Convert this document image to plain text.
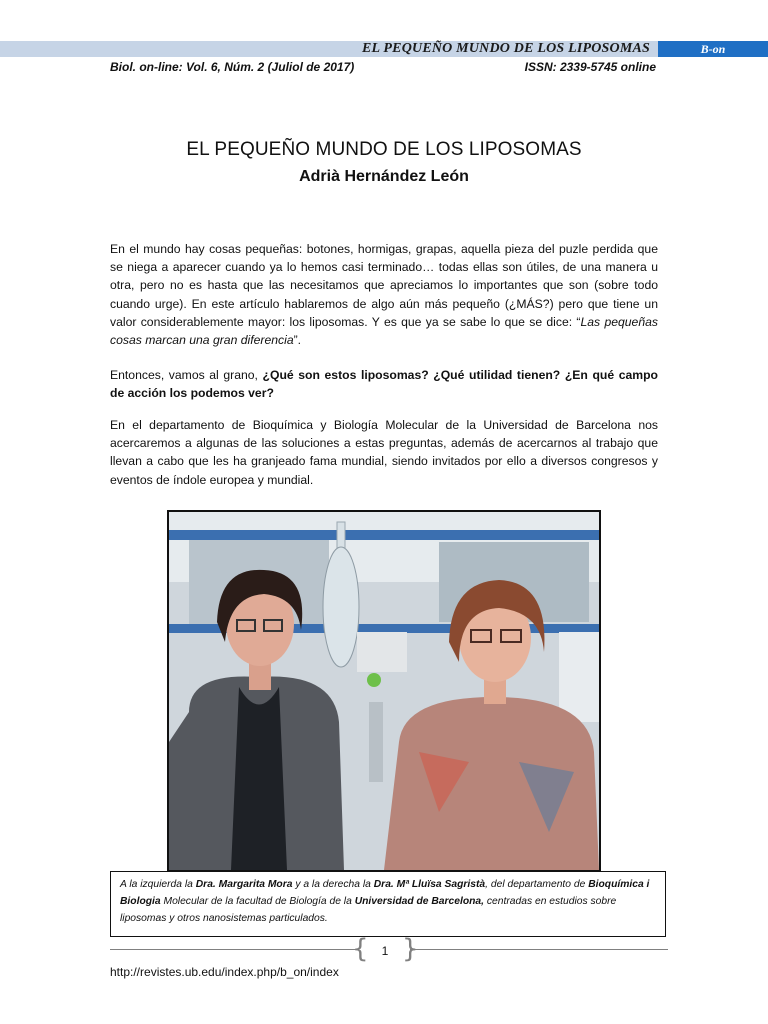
EL PEQUEÑO MUNDO DE LOS LIPOSOMAS	B-on
Biol. on-line: Vol. 6, Núm. 2 (Juliol de 2017)	ISSN: 2339-5745 online
EL PEQUEÑO MUNDO DE LOS LIPOSOMAS
Adrià Hernández León

En el mundo hay cosas pequeñas: botones, hormigas, grapas, aquella pieza del puzle perdida que se niega a aparecer cuando ya lo hemos casi terminado… todas ellas son útiles, de una manera u otra, pero no es hasta que las necesitamos que apreciamos lo importantes que son (sobre todo cuando urge). En este artículo hablaremos de algo aún más pequeño (¿MÁS?) pero que tiene un valor considerablemente mayor: los liposomas. Y es que ya se sabe lo que se dice: “Las pequeñas cosas marcan una gran diferencia”.

Entonces, vamos al grano, ¿Qué son estos liposomas? ¿Qué utilidad tienen? ¿En qué campo de acción los podemos ver?

En el departamento de Bioquímica y Biología Molecular de la Universidad de Barcelona nos acercaremos a algunas de las soluciones a estas preguntas, además de acercarnos al trabajo que llevan a cabo que les ha granjeado fama mundial, siendo invitados por ello a diversos congresos y eventos de índole europea y mundial.

A la izquierda la Dra. Margarita Mora y a la derecha la Dra. Mª Lluïsa Sagristà, del departamento de Bioquímica i Biologia Molecular de la facultad de Biología de la Universidad de Barcelona, centradas en estudios sobre liposomas y otros nanosistemas particulados.
{ }
1
http://revistes.ub.edu/index.php/b_on/index
